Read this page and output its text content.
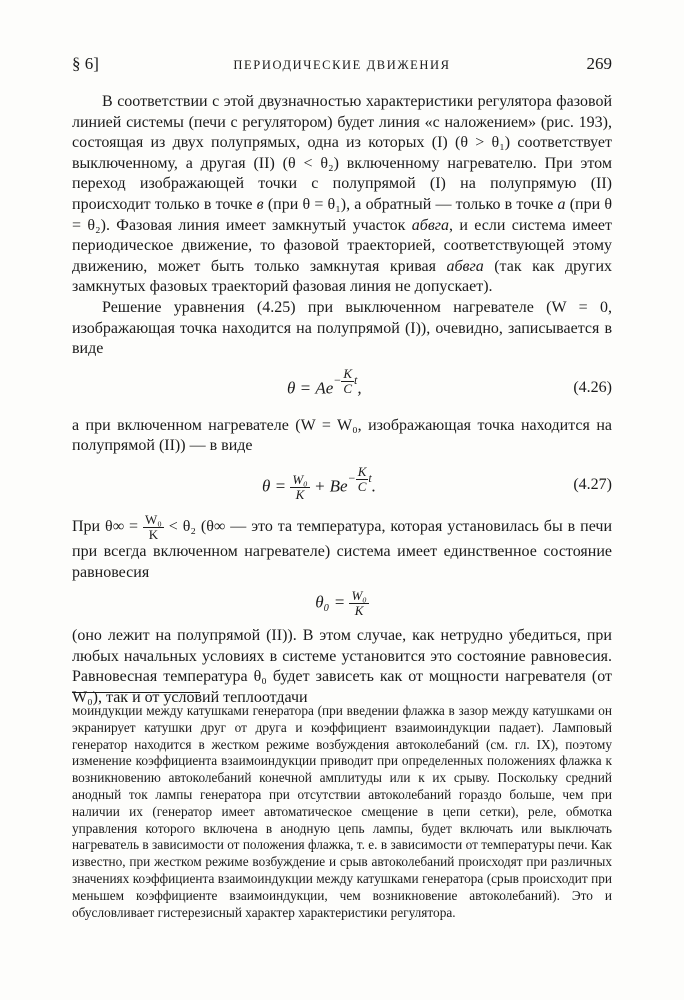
§ 6]	ПЕРИОДИЧЕСКИЕ ДВИЖЕНИЯ	269

В соответствии с этой двузначностью характеристики регулятора фазовой линией системы (печи с регулятором) будет линия «с наложением» (рис. 193), состоящая из двух полупрямых, одна из которых (I) (θ > θ₁) соответствует выключенному, а другая (II) (θ < θ₂) включенному нагревателю. При этом переход изображающей точки с полупрямой (I) на полупрямую (II) происходит только в точке в (при θ = θ₁), а обратный — только в точке а (при θ = θ₂). Фазовая линия имеет замкнутый участок абвга, и если система имеет периодическое движение, то фазовой траекторией, соответствующей этому движению, может быть только замкнутая кривая абвга (так как других замкнутых фазовых траекторий фазовая линия не допускает).

Решение уравнения (4.25) при выключенном нагревателе (W = 0, изображающая точка находится на полупрямой (I)), очевидно, записывается в виде

$\theta = Ae^{- \frac{K}{C} t}$,	(4.26)

а при включенном нагревателе (W = W₀, изображающая точка находится на полупрямой (II)) — в виде

$\theta = \frac{\text{W₀}}{K} + Be^{- \frac{K}{C} t}$.	(4.27)

При $\theta\infty = \frac{\text{W₀}}{K} < \theta_2$ (θ∞ — это та температура, которая установилась бы в печи при всегда включенном нагревателе) система имеет единственное состояние равновесия

$\theta_0 = \frac{\text{W₀}}{K}$

(оно лежит на полупрямой (II)). В этом случае, как нетрудно убедиться, при любых начальных условиях в системе установится это состояние равновесия. Равновесная температура θ₀ будет зависеть как от мощности нагревателя (от W₀), так и от условий теплоотдачи

моиндукции между катушками генератора (при введении флажка в зазор между катушками он экранирует катушки друг от друга и коэффициент взаимоиндукции падает). Ламповый генератор находится в жестком режиме возбуждения автоколебаний (см. гл. IX), поэтому изменение коэффициента взаимоиндукции приводит при определенных положениях флажка к возникновению автоколебаний конечной амплитуды или к их срыву. Поскольку средний анодный ток лампы генератора при отсутствии автоколебаний гораздо больше, чем при наличии их (генератор имеет автоматическое смещение в цепи сетки), реле, обмотка управления которого включена в анодную цепь лампы, будет включать или выключать нагреватель в зависимости от положения флажка, т. е. в зависимости от температуры печи. Как известно, при жестком режиме возбуждение и срыв автоколебаний происходят при различных значениях коэффициента взаимоиндукции между катушками генератора (срыв происходит при меньшем коэффициенте взаимоиндукции, чем возникновение автоколебаний). Это и обусловливает гистерезисный характер характеристики регулятора.
